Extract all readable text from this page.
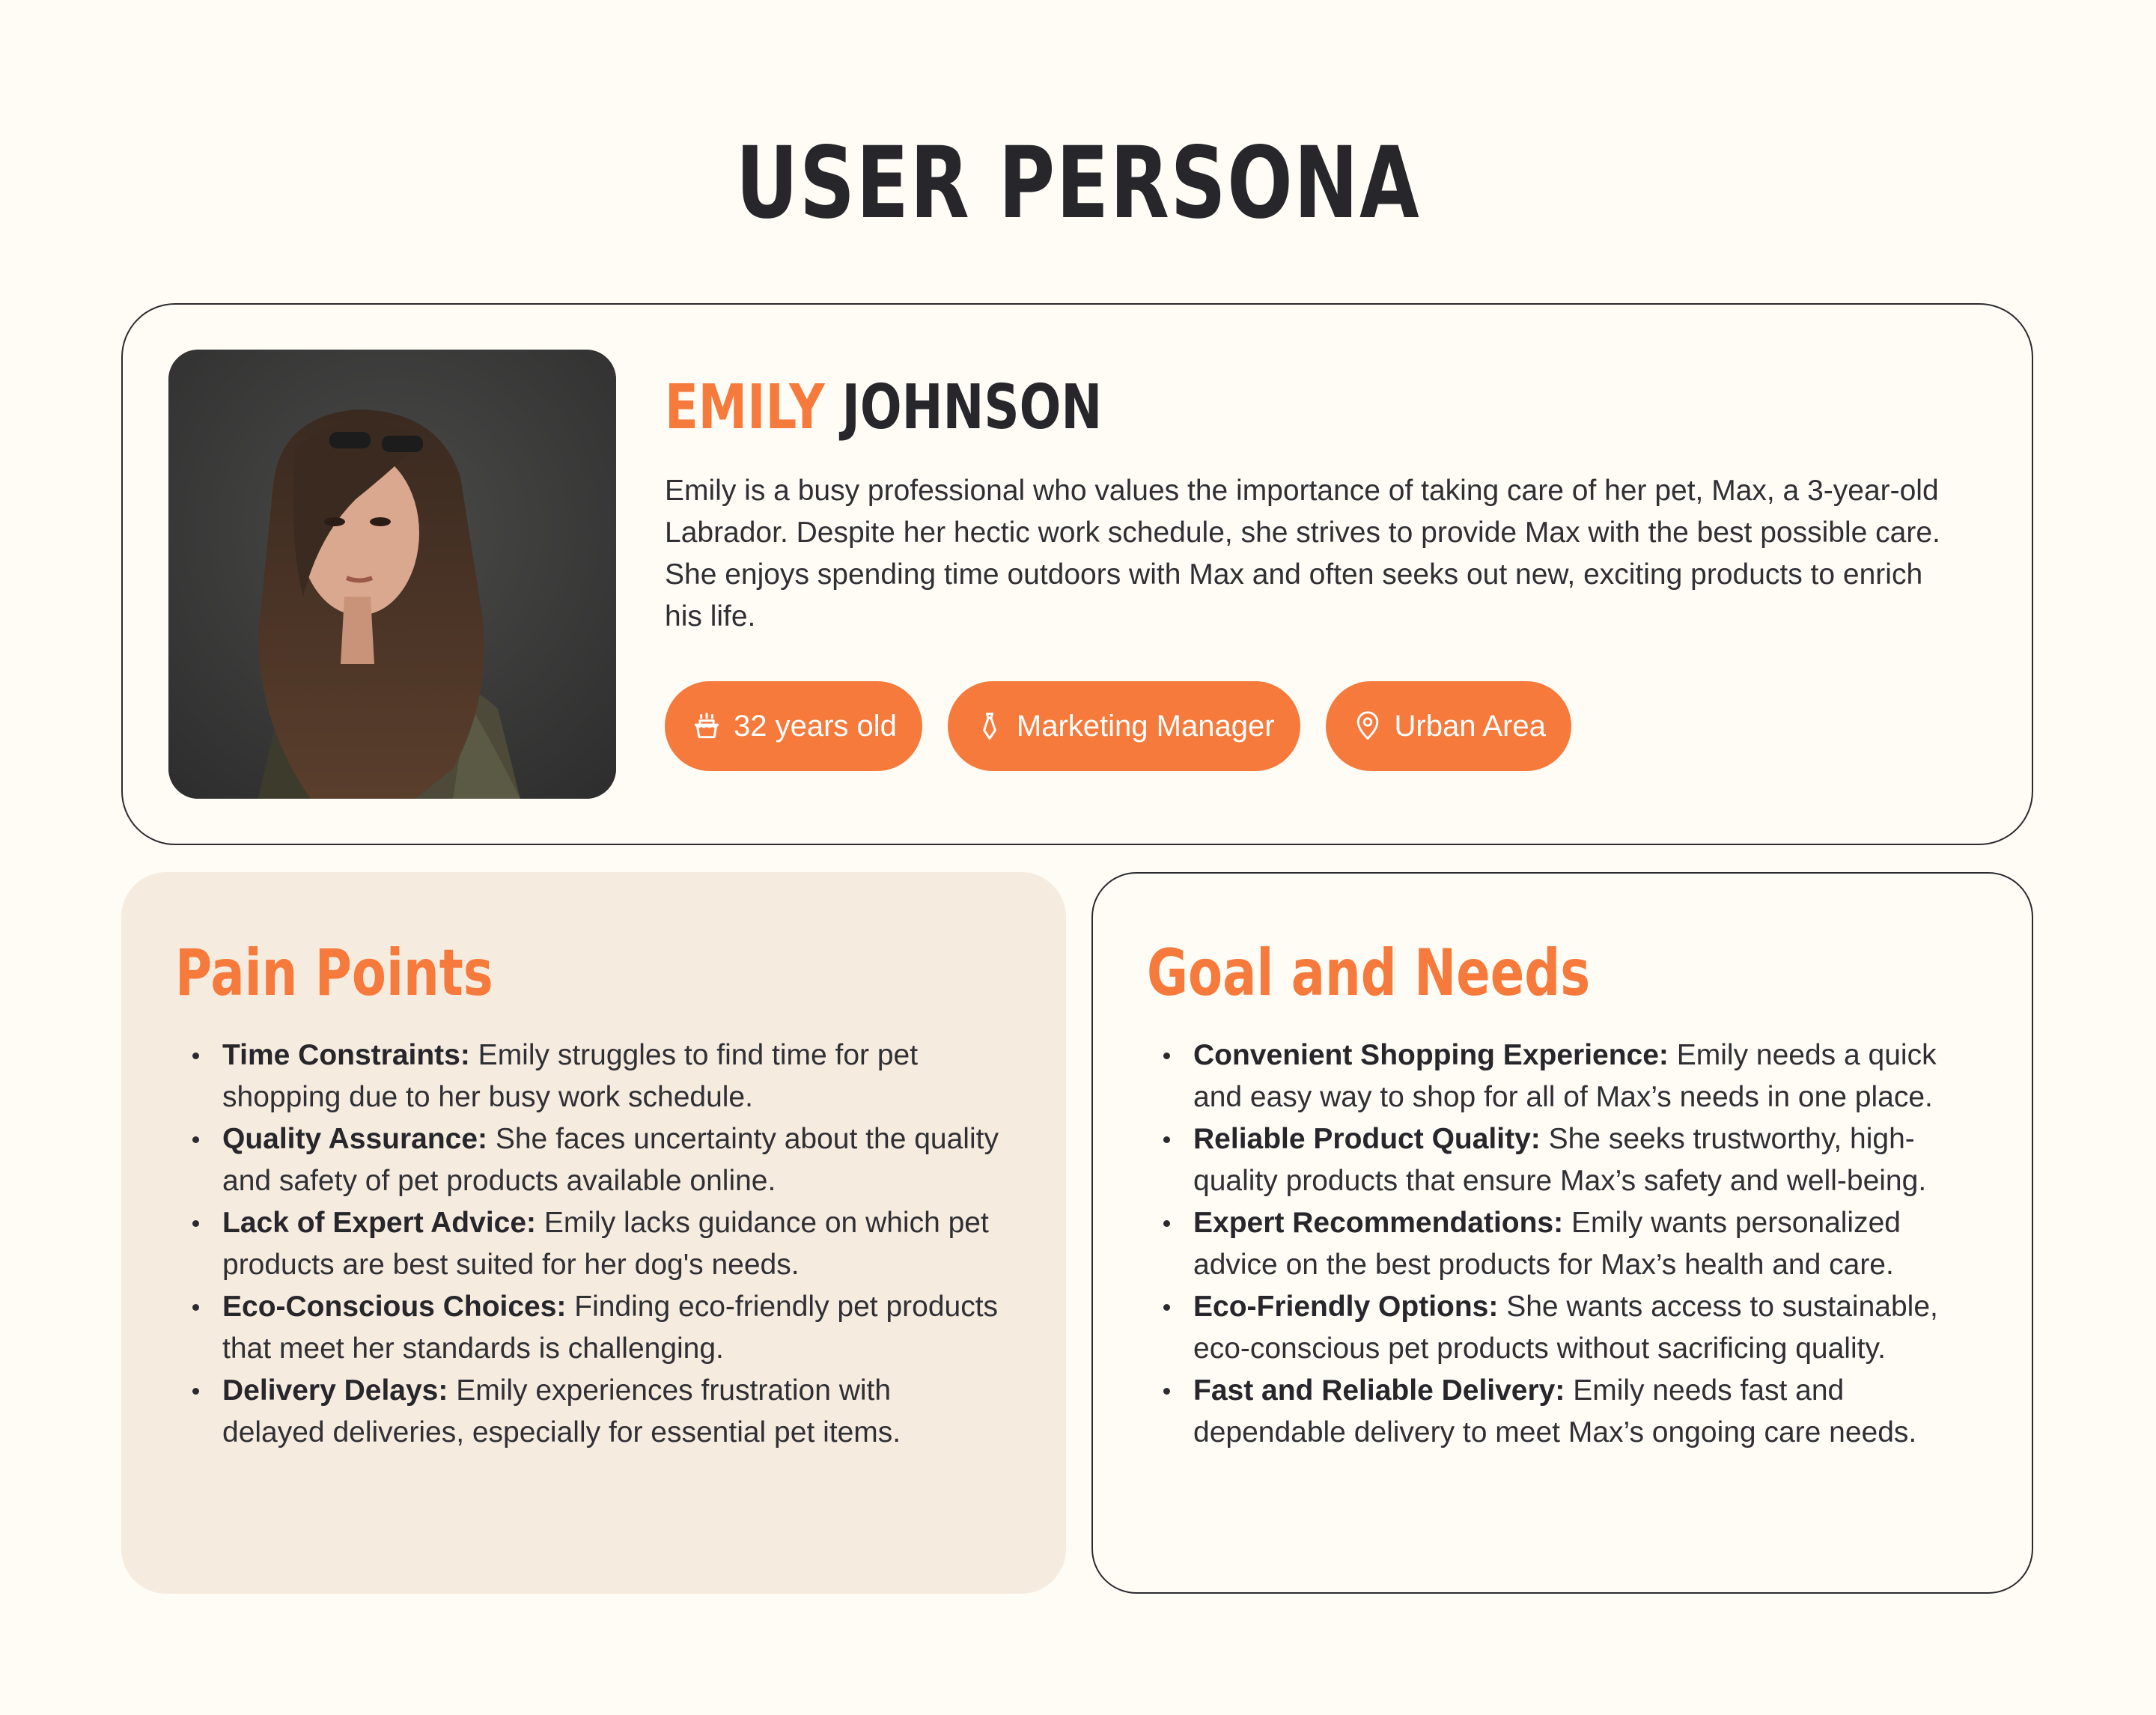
USER PERSONA
EMILY JOHNSON

Emily is a busy professional who values the importance of taking care of her pet, Max, a 3-year-old Labrador. Despite her hectic work schedule, she strives to provide Max with the best possible care. She enjoys spending time outdoors with Max and often seeks out new, exciting products to enrich his life.

32 years old	Marketing Manager	Urban Area
Pain Points	Goal and Needs
Time Constraints: Emily struggles to find time for pet shopping due to her busy work schedule.
Quality Assurance: She faces uncertainty about the quality and safety of pet products available online.
Lack of Expert Advice: Emily lacks guidance on which pet products are best suited for her dog's needs.
Eco-Conscious Choices: Finding eco-friendly pet products that meet her standards is challenging.
Delivery Delays: Emily experiences frustration with delayed deliveries, especially for essential pet items.
Convenient Shopping Experience: Emily needs a quick and easy way to shop for all of Max’s needs in one place.
Reliable Product Quality: She seeks trustworthy, high-quality products that ensure Max’s safety and well-being.
Expert Recommendations: Emily wants personalized advice on the best products for Max’s health and care.
Eco-Friendly Options: She wants access to sustainable, eco-conscious pet products without sacrificing quality.
Fast and Reliable Delivery: Emily needs fast and dependable delivery to meet Max’s ongoing care needs.
